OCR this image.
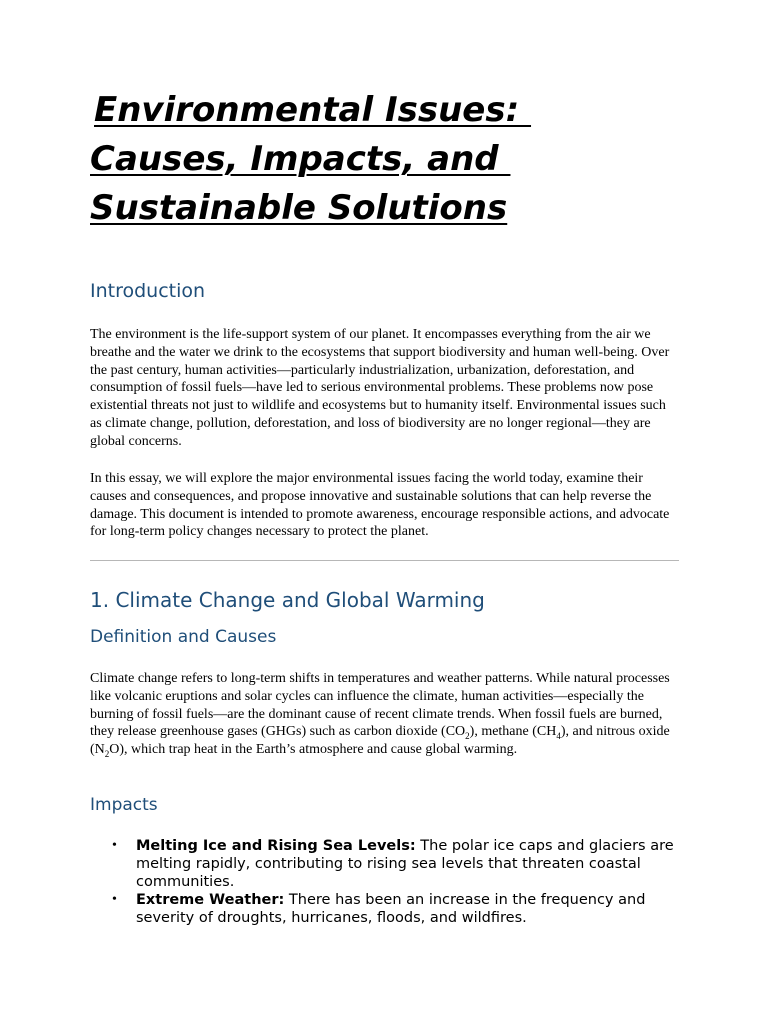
Environmental Issues:
Causes, Impacts, and
Sustainable Solutions
Introduction

The environment is the life-support system of our planet. It encompasses everything from the air we breathe and the water we drink to the ecosystems that support biodiversity and human well-being. Over the past century, human activities—particularly industrialization, urbanization, deforestation, and consumption of fossil fuels—have led to serious environmental problems. These problems now pose existential threats not just to wildlife and ecosystems but to humanity itself. Environmental issues such as climate change, pollution, deforestation, and loss of biodiversity are no longer regional—they are global concerns.

In this essay, we will explore the major environmental issues facing the world today, examine their causes and consequences, and propose innovative and sustainable solutions that can help reverse the damage. This document is intended to promote awareness, encourage responsible actions, and advocate for long-term policy changes necessary to protect the planet.

1. Climate Change and Global Warming
Definition and Causes

Climate change refers to long-term shifts in temperatures and weather patterns. While natural processes like volcanic eruptions and solar cycles can influence the climate, human activities—especially the burning of fossil fuels—are the dominant cause of recent climate trends. When fossil fuels are burned, they release greenhouse gases (GHGs) such as carbon dioxide $(CO_2)$, methane $(CH_4)$, and nitrous oxide $(N_2O)$, which trap heat in the Earth’s atmosphere and cause global warming.

Impacts
• Melting Ice and Rising Sea Levels: The polar ice caps and glaciers are melting rapidly, contributing to rising sea levels that threaten coastal communities.
• Extreme Weather: There has been an increase in the frequency and severity of droughts, hurricanes, floods, and wildfires.
